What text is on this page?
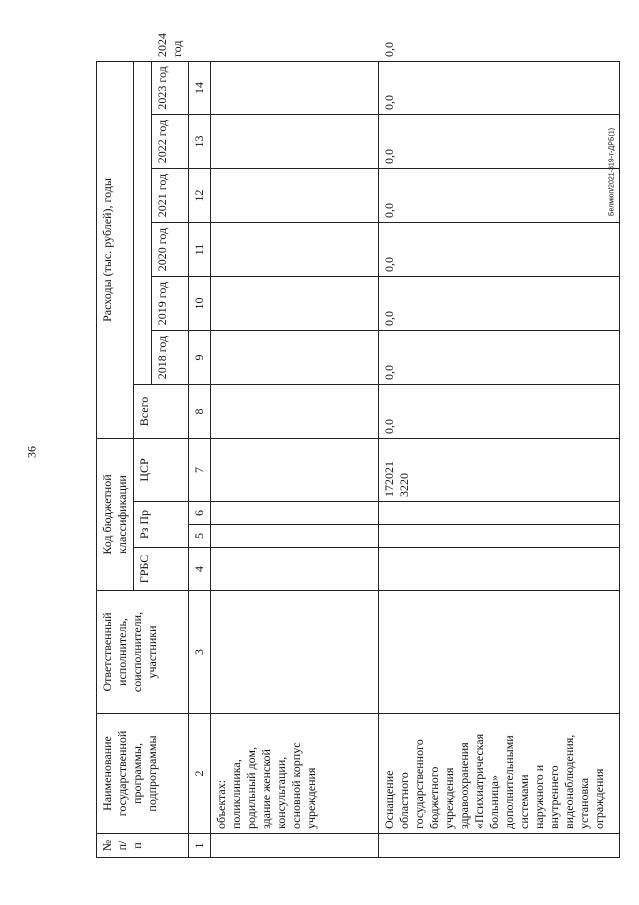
36
Белмюп/2021-319-т-ДРБ(1)
№
п/п	Наименование государственной программы, подпрограммы	Ответственный исполнитель, соисполнители, участники	Код бюджетной классификации				Расходы (тыс. рублей), годы							
			ГРБС	Рз Пр		ЦСР	Всего							
								2018 год	2019 год	2020 год	2021 год	2022 год	2023 год	2024 год
1	2	3	4	5	6	7	8	9	10	11	12	13	14	
	объектах: поликлиника, родильный дом, здание женской консультации, основной корпус учреждения													
	Оснащение областного государственного бюджетного учреждения здравоохранения «Психиатрическая больница» дополнительными системами наружного и внутреннего видеонаблюдения, установка ограждения					172021 3220	0,0	0,0	0,0	0,0	0,0	0,0	0,0	0,0
